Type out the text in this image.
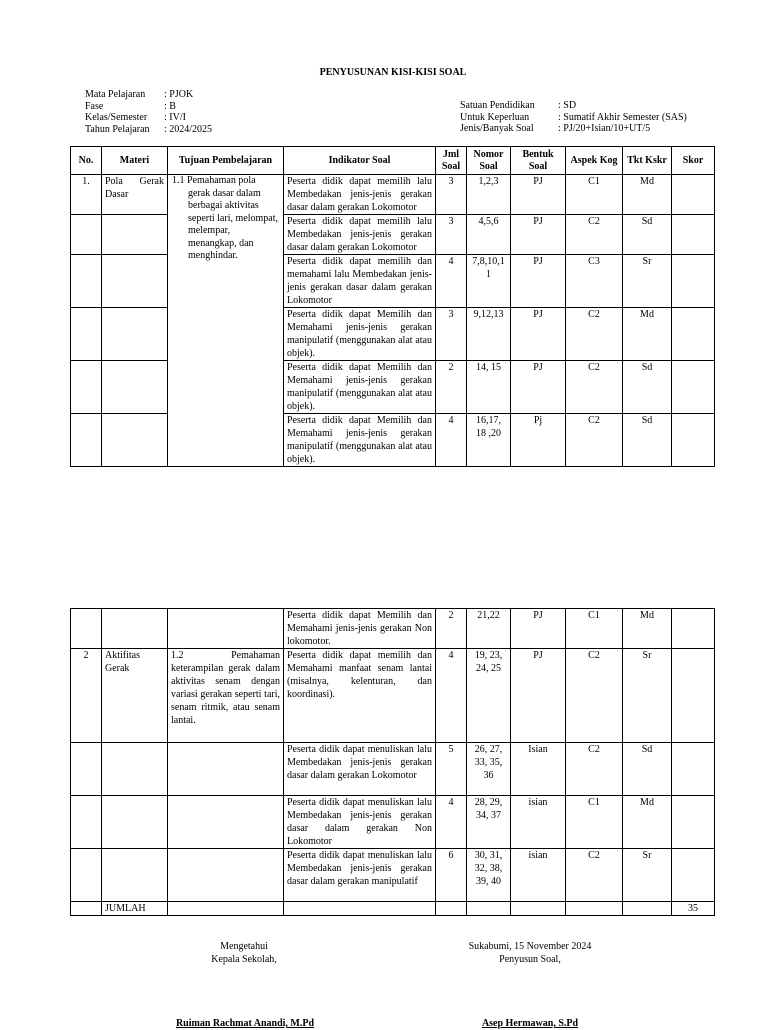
PENYUSUNAN KISI-KISI SOAL
Mata Pelajaran	: PJOK
Fase	: B
Kelas/Semester	: IV/I
Tahun Pelajaran	: 2024/2025
Satuan Pendidikan	: SD
Untuk Keperluan	: Sumatif Akhir Semester (SAS)
Jenis/Banyak Soal	: PJ/20+Isian/10+UT/5
No.	Materi	Tujuan Pembelajaran	Indikator Soal	Jml Soal	Nomor Soal	Bentuk Soal	Aspek Kog	Tkt Kskr	Skor
1.	Pola Gerak Dasar	1.1 Pemahaman pola gerak dasar dalam berbagai aktivitas seperti lari, melompat, melempar, menangkap, dan menghindar.	Peserta didik dapat memilih lalu Membedakan jenis-jenis gerakan dasar dalam gerakan Lokomotor	3	1,2,3	PJ	C1	Md	
			Peserta didik dapat memilih lalu Membedakan jenis-jenis gerakan dasar dalam gerakan Lokomotor	3	4,5,6	PJ	C2	Sd	
			Peserta didik dapat memilih dan memahami lalu Membedakan jenis-jenis gerakan dasar dalam gerakan Lokomotor	4	7,8,10,11	PJ	C3	Sr	
			Peserta didik dapat Memilih dan Memahami jenis-jenis gerakan manipulatif (menggunakan alat atau objek).	3	9,12,13	PJ	C2	Md	
			Peserta didik dapat Memilih dan Memahami jenis-jenis gerakan manipulatif (menggunakan alat atau objek).	2	14, 15	PJ	C2	Sd	
			Peserta didik dapat Memilih dan Memahami jenis-jenis gerakan manipulatif (menggunakan alat atau objek).	4	16,17, 18 ,20	Pj	C2	Sd	
			Peserta didik dapat Memilih dan Memahami jenis-jenis gerakan Non lokomotor.	2	21,22	PJ	C1	Md	
2	Aktifitas Gerak	1.2 Pemahaman keterampilan gerak dalam aktivitas senam dengan variasi gerakan seperti tari, senam ritmik, atau senam lantai.	Peserta didik dapat memilih dan Memahami manfaat senam lantai (misalnya, kelenturan, dan koordinasi).	4	19, 23, 24, 25	PJ	C2	Sr	
			Peserta didik dapat menuliskan lalu Membedakan jenis-jenis gerakan dasar dalam gerakan Lokomotor	5	26, 27, 33, 35, 36	Isian	C2	Sd	
			Peserta didik dapat menuliskan lalu Membedakan jenis-jenis gerakan dasar dalam gerakan Non Lokomotor	4	28, 29, 34, 37	isian	C1	Md	
			Peserta didik dapat menuliskan lalu Membedakan jenis-jenis gerakan dasar dalam gerakan manipulatif	6	30, 31, 32, 38, 39, 40	isian	C2	Sr	
	JUMLAH								35
Mengetahui
Kepala Sekolah,
Sukabumi, 15 November 2024
Penyusun Soal,
Ruiman Rachmat Anandi, M.Pd	Asep Hermawan, S.Pd
